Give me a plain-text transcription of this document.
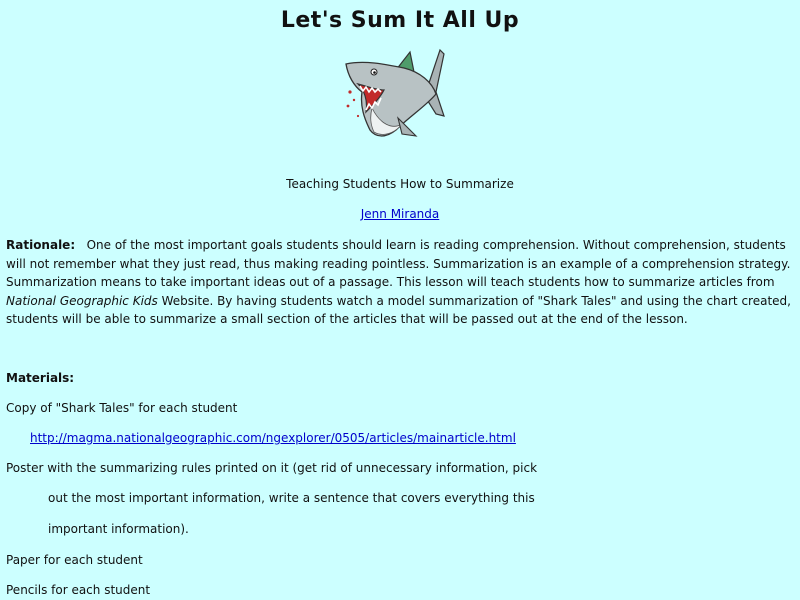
Let's Sum It All Up
Teaching Students How to Summarize
Jenn Miranda

Rationale: One of the most important goals students should learn is reading comprehension. Without comprehension, students will not remember what they just read, thus making reading pointless. Summarization is an example of a comprehension strategy. Summarization means to take important ideas out of a passage. This lesson will teach students how to summarize articles from National Geographic Kids Website. By having students watch a model summarization of "Shark Tales" and using the chart created, students will be able to summarize a small section of the articles that will be passed out at the end of the lesson.

Materials:

Copy of "Shark Tales" for each student

http://magma.nationalgeographic.com/ngexplorer/0505/articles/mainarticle.html

Poster with the summarizing rules printed on it (get rid of unnecessary information, pick

out the most important information, write a sentence that covers everything this

important information).

Paper for each student

Pencils for each student
